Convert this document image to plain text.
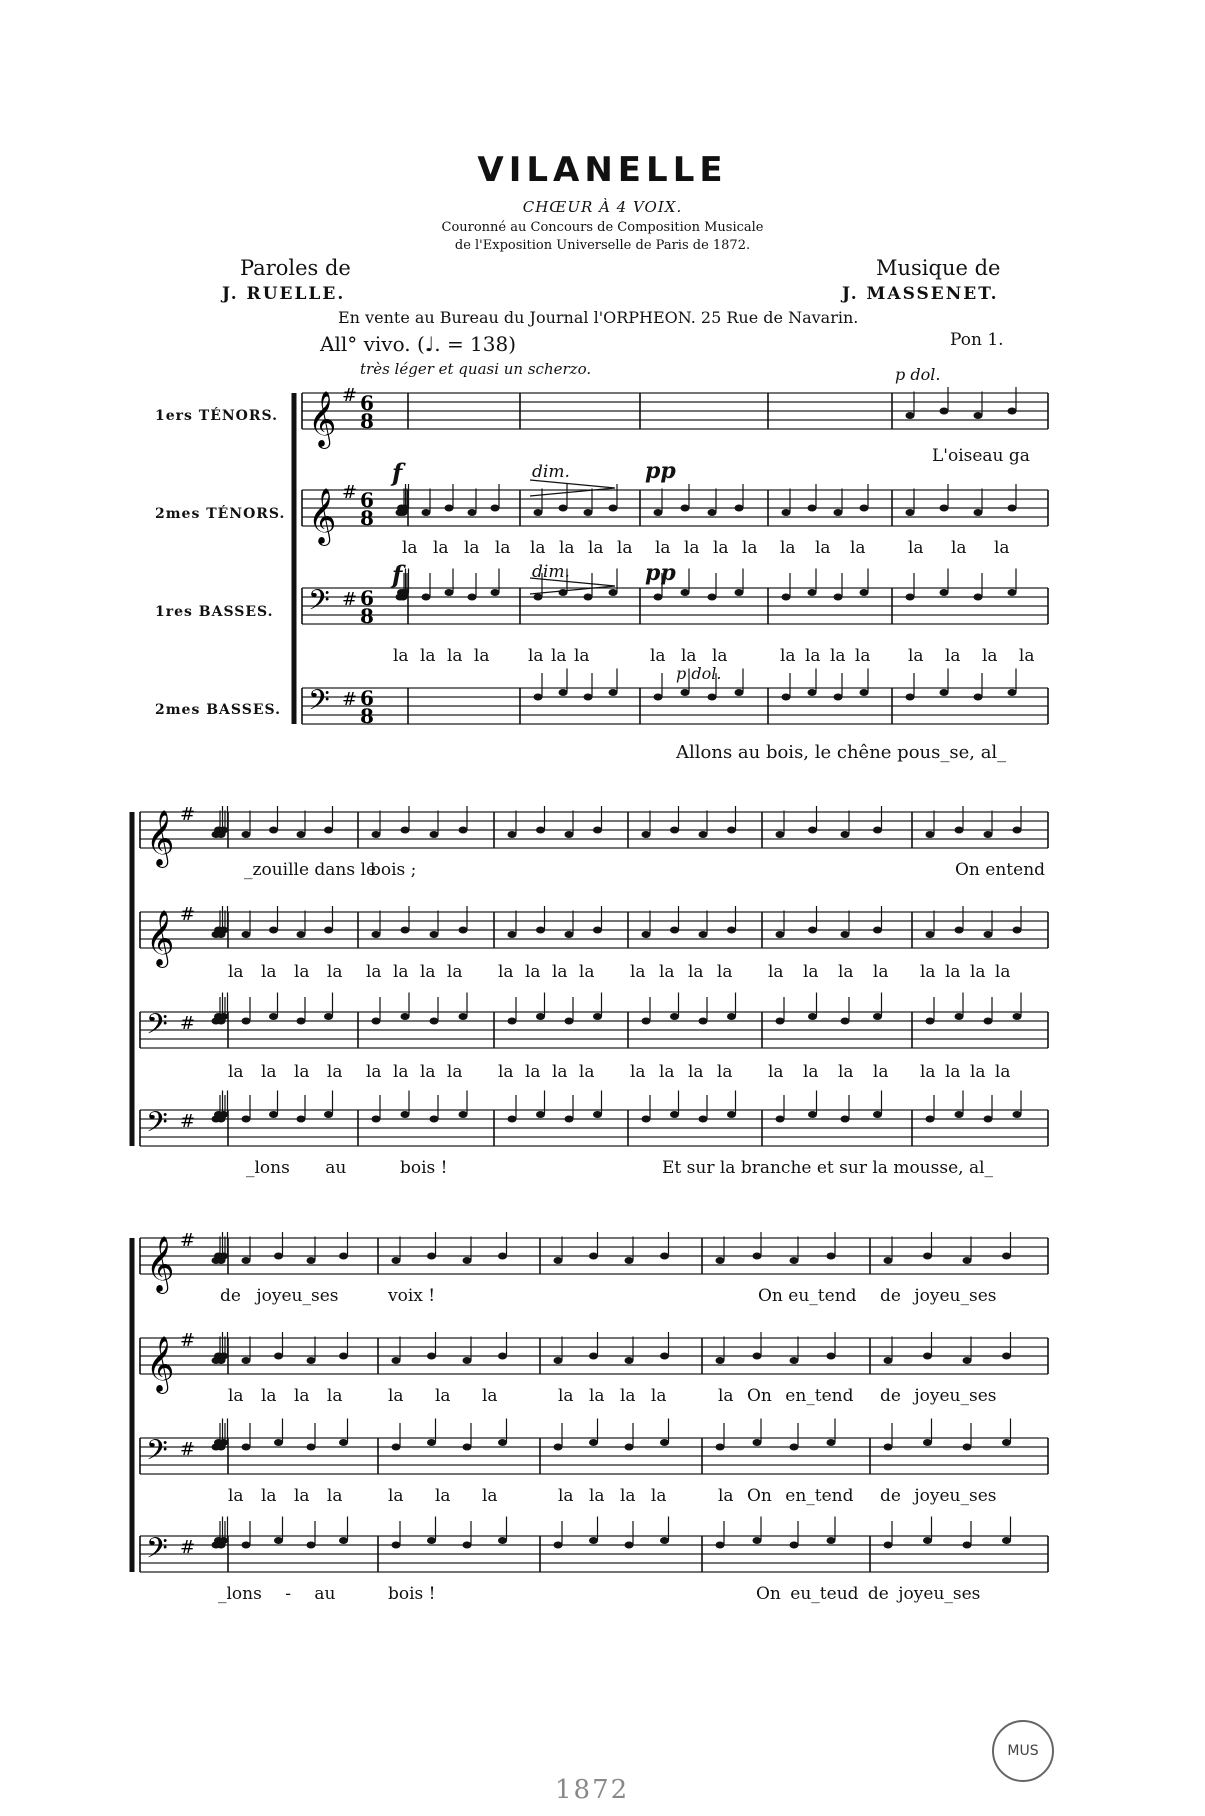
VILANELLE
CHŒUR À 4 VOIX.
Couronné au Concours de Composition Musicale
de l'Exposition Universelle de Paris de 1872.
Paroles de
J. RUELLE.
Musique de
J. MASSENET.
En vente au Bureau du Journal l'ORPHEON. 25 Rue de Navarin.
All° vivo. (♩. = 138)
très léger et quasi un scherzo.
Pon 1.
1ers TÉNORS.
2mes TÉNORS.
1res BASSES.
2mes BASSES.
f	dim.	pp
f	dim.	pp
p dol.
p dol.
𝄞 # 6
8
𝄞 # 6
8
𝄢 # 6
8
𝄢 # 6
8
𝄞 #
𝄞 #
𝄢 #
𝄢 #
𝄞 #
𝄞 #
𝄢 #
𝄢 #
L'oiseau ga
la la la la la la la la la la la la la la la la la la
la la la la la la la	la la la	la la la la la la la la
Allons au bois, le chêne pous_se, al_
_zouille dans le
bois ;	On entend
la la la la la la la la la la la la la la la la la la la la la la la la
la la la la la la la la la la la la la la la la la la la la la la la la
_lons au	bois !	Et sur la branche et sur la mousse, al_
de joyeu_ses	voix !	On eu_tend de joyeu_ses
la la la la	la la la	la la la la	la On en_tend de joyeu_ses
la la la la	la la la	la la la la	la On en_tend de joyeu_ses
_lons - au	bois !	On eu_teud de joyeu_ses
MUS
1872
